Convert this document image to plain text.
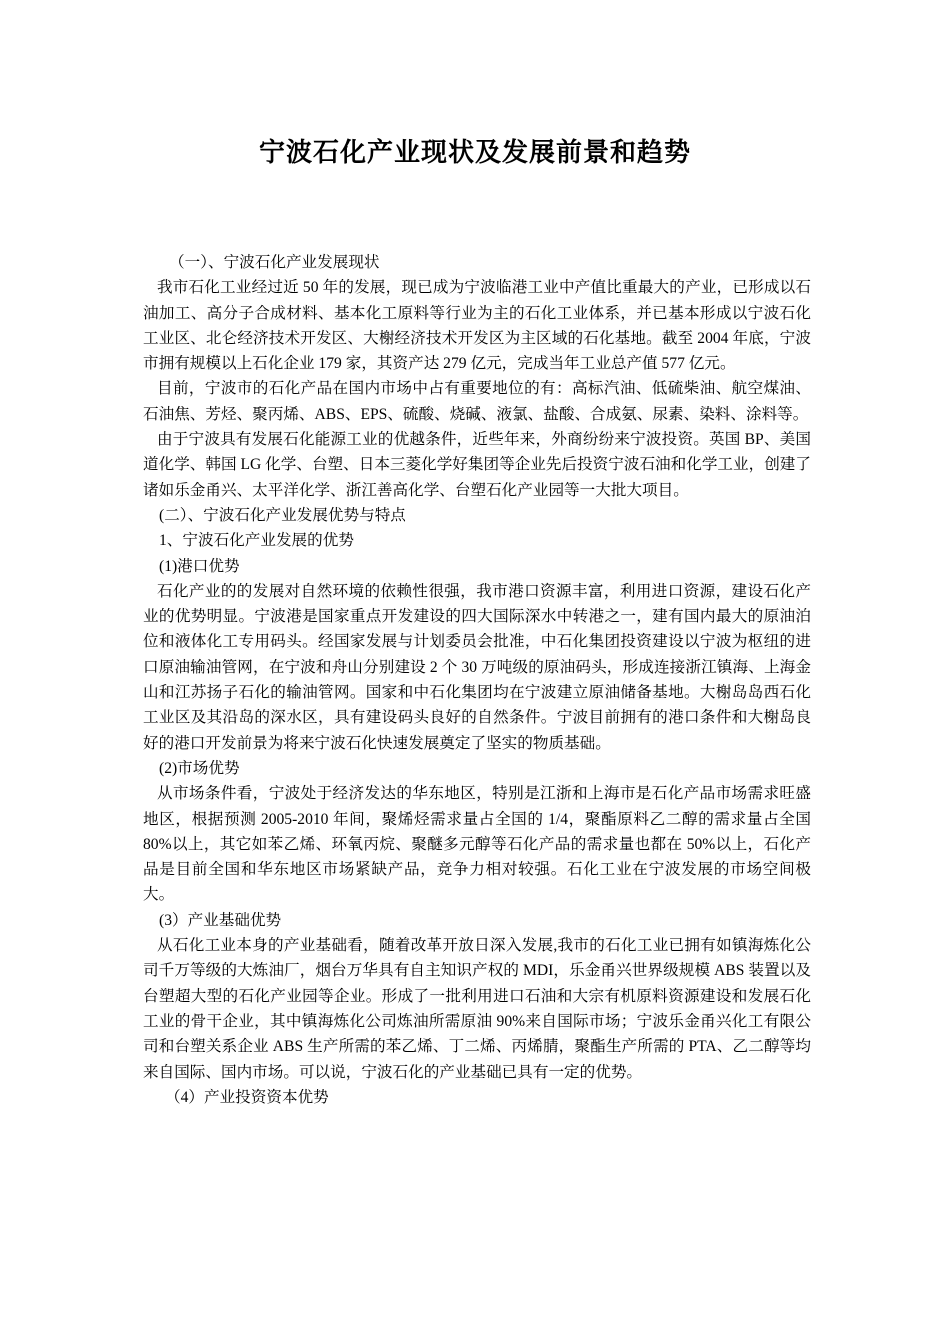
宁波石化产业现状及发展前景和趋势

（一）、宁波石化产业发展现状

我市石化工业经过近 50 年的发展，现已成为宁波临港工业中产值比重最大的产业，已形成以石油加工、高分子合成材料、基本化工原料等行业为主的石化工业体系，并已基本形成以宁波石化工业区、北仑经济技术开发区、大榭经济技术开发区为主区域的石化基地。截至 2004 年底，宁波市拥有规模以上石化企业 179 家，其资产达 279 亿元，完成当年工业总产值 577 亿元。

目前，宁波市的石化产品在国内市场中占有重要地位的有：高标汽油、低硫柴油、航空煤油、石油焦、芳烃、聚丙烯、ABS、EPS、硫酸、烧碱、液氯、盐酸、合成氨、尿素、染料、涂料等。

由于宁波具有发展石化能源工业的优越条件，近些年来，外商纷纷来宁波投资。英国 BP、美国道化学、韩国 LG 化学、台塑、日本三菱化学好集团等企业先后投资宁波石油和化学工业，创建了诸如乐金甬兴、太平洋化学、浙江善高化学、台塑石化产业园等一大批大项目。

(二）、宁波石化产业发展优势与特点

1、宁波石化产业发展的优势

(1)港口优势

石化产业的的发展对自然环境的依赖性很强，我市港口资源丰富，利用进口资源，建设石化产业的优势明显。宁波港是国家重点开发建设的四大国际深水中转港之一，建有国内最大的原油泊位和液体化工专用码头。经国家发展与计划委员会批准，中石化集团投资建设以宁波为枢纽的进口原油输油管网，在宁波和舟山分别建设 2 个 30 万吨级的原油码头，形成连接浙江镇海、上海金山和江苏扬子石化的输油管网。国家和中石化集团均在宁波建立原油储备基地。大榭岛岛西石化工业区及其沿岛的深水区，具有建设码头良好的自然条件。宁波目前拥有的港口条件和大榭岛良好的港口开发前景为将来宁波石化快速发展奠定了坚实的物质基础。

(2)市场优势

从市场条件看，宁波处于经济发达的华东地区，特别是江浙和上海市是石化产品市场需求旺盛地区，根据预测 2005-2010 年间，聚烯烃需求量占全国的 1/4，聚酯原料乙二醇的需求量占全国 80%以上，其它如苯乙烯、环氧丙烷、聚醚多元醇等石化产品的需求量也都在 50%以上，石化产品是目前全国和华东地区市场紧缺产品，竞争力相对较强。石化工业在宁波发展的市场空间极大。

(3）产业基础优势

从石化工业本身的产业基础看，随着改革开放日深入发展,我市的石化工业已拥有如镇海炼化公司千万等级的大炼油厂，烟台万华具有自主知识产权的 MDI，乐金甬兴世界级规模 ABS 装置以及台塑超大型的石化产业园等企业。形成了一批利用进口石油和大宗有机原料资源建设和发展石化工业的骨干企业，其中镇海炼化公司炼油所需原油 90%来自国际市场；宁波乐金甬兴化工有限公司和台塑关系企业 ABS 生产所需的苯乙烯、丁二烯、丙烯腈，聚酯生产所需的 PTA、乙二醇等均来自国际、国内市场。可以说，宁波石化的产业基础已具有一定的优势。

（4）产业投资资本优势
